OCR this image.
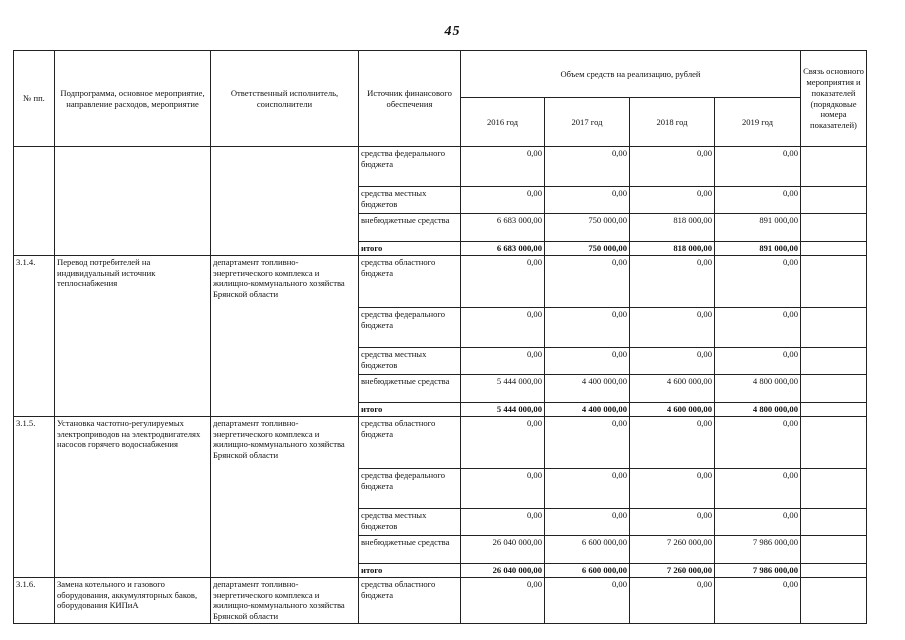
45
№ пп.	Подпрограмма, основное мероприятие, направление расходов, мероприятие	Ответственный исполнитель, соисполнители	Источник финансового обеспечения	Объем средств на реализацию, рублей				Связь основного мероприятия и показателей (порядковые номера показателей)
				2016 год	2017 год	2018 год	2019 год	
			средства федерального бюджета	0,00	0,00	0,00	0,00	
			средства местных бюджетов	0,00	0,00	0,00	0,00	
			внебюджетные средства	6 683 000,00	750 000,00	818 000,00	891 000,00	
			итого	6 683 000,00	750 000,00	818 000,00	891 000,00	
3.1.4.	Перевод потребителей на индивидуальный источник теплоснабжения	департамент топливно-энергетического комплекса и жилищно-коммунального хозяйства Брянской области	средства областного бюджета	0,00	0,00	0,00	0,00	
			средства федерального бюджета	0,00	0,00	0,00	0,00	
			средства местных бюджетов	0,00	0,00	0,00	0,00	
			внебюджетные средства	5 444 000,00	4 400 000,00	4 600 000,00	4 800 000,00	
			итого	5 444 000,00	4 400 000,00	4 600 000,00	4 800 000,00	
3.1.5.	Установка частотно-регулируемых электроприводов на электродвигателях насосов горячего водоснабжения	департамент топливно-энергетического комплекса и жилищно-коммунального хозяйства Брянской области	средства областного бюджета	0,00	0,00	0,00	0,00	
			средства федерального бюджета	0,00	0,00	0,00	0,00	
			средства местных бюджетов	0,00	0,00	0,00	0,00	
			внебюджетные средства	26 040 000,00	6 600 000,00	7 260 000,00	7 986 000,00	
			итого	26 040 000,00	6 600 000,00	7 260 000,00	7 986 000,00	
3.1.6.	Замена котельного и газового оборудования, аккумуляторных баков, оборудования КИПиА	департамент топливно-энергетического комплекса и жилищно-коммунального хозяйства Брянской области	средства областного бюджета	0,00	0,00	0,00	0,00	
